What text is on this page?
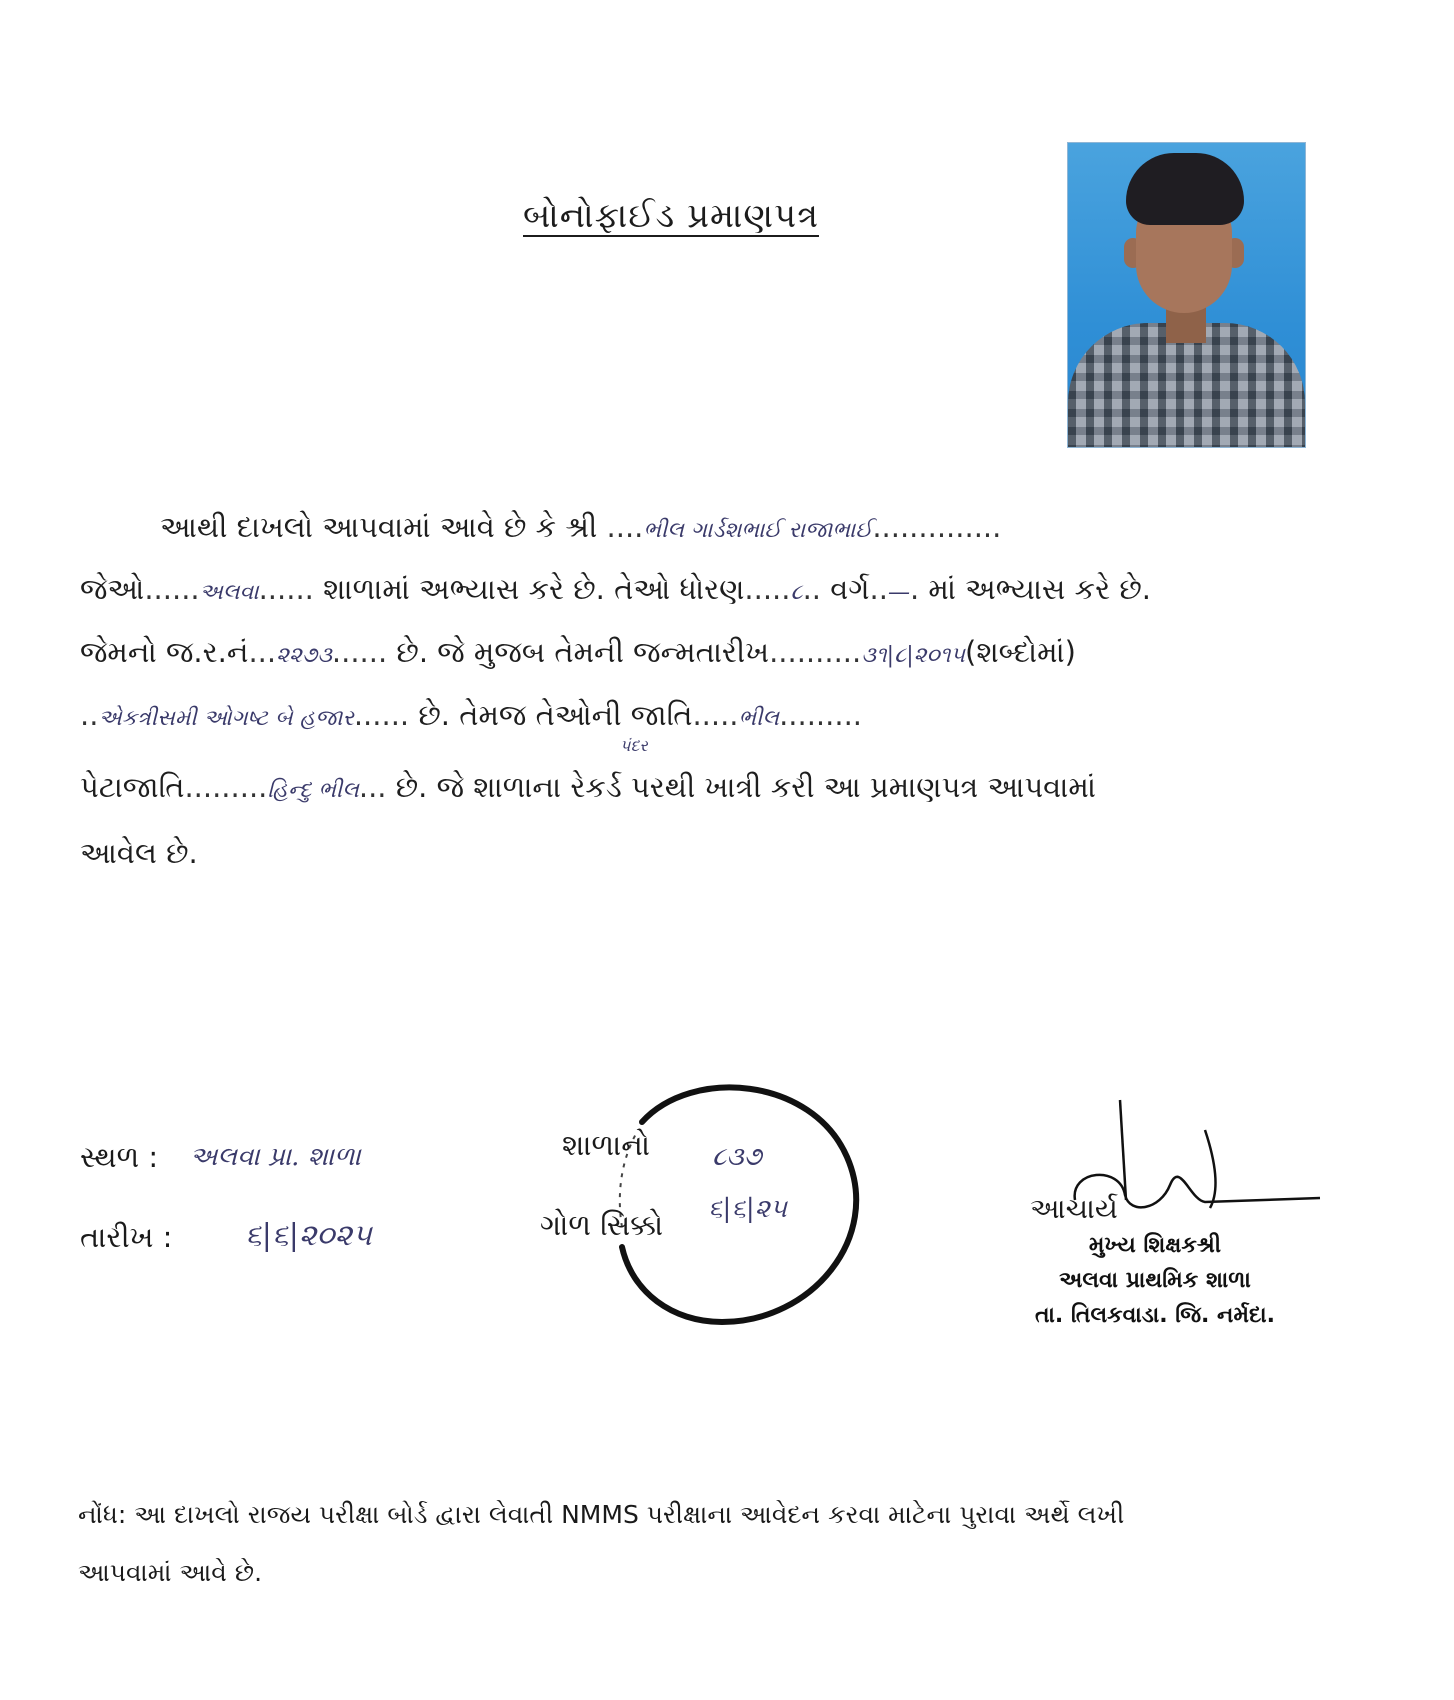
બોનોફાઈડ પ્રમાણપત્ર
આથી દાખલો આપવામાં આવે છે કે શ્રી ....ભીલ ગાર્ડશભાઈ રાજાભાઈ..............
જેઓ......અલવા...... શાળામાં અભ્યાસ કરે છે. તેઓ ધોરણ.....૮.. વર્ગ..—. માં અભ્યાસ કરે છે.
જેમનો જ.ર.નં...૨૨૭૩...... છે. જે મુજબ તેમની જન્મતારીખ..........૩૧|૮|૨૦૧૫(શબ્દોમાં)
..એકત્રીસમી ઓગષ્ટ બે હજાર...... છે. તેમજ તેઓની જાતિ.....ભીલ.........
પંદર
પેટાજાતિ.........હિન્દુ ભીલ... છે. જે શાળાના રેકર્ડ પરથી ખાત્રી કરી આ પ્રમાણપત્ર આપવામાં
આવેલ છે.
સ્થળ : અલવા પ્રા. શાળા
તારીખ : ૬|૬|૨૦૨૫
શાળાનો
ગોળ સિક્કો
૮૩૭
૬|૬|૨૫	આચાર્ય
મુખ્ય શિક્ષકશ્રી
અલવા પ્રાથમિક શાળા
તા. તિલકવાડા. જિ. નર્મદા.
નોંધ: આ દાખલો રાજય પરીક્ષા બોર્ડ દ્વારા લેવાતી NMMS પરીક્ષાના આવેદન કરવા માટેના પુરાવા અર્થે લખી
આપવામાં આવે છે.
